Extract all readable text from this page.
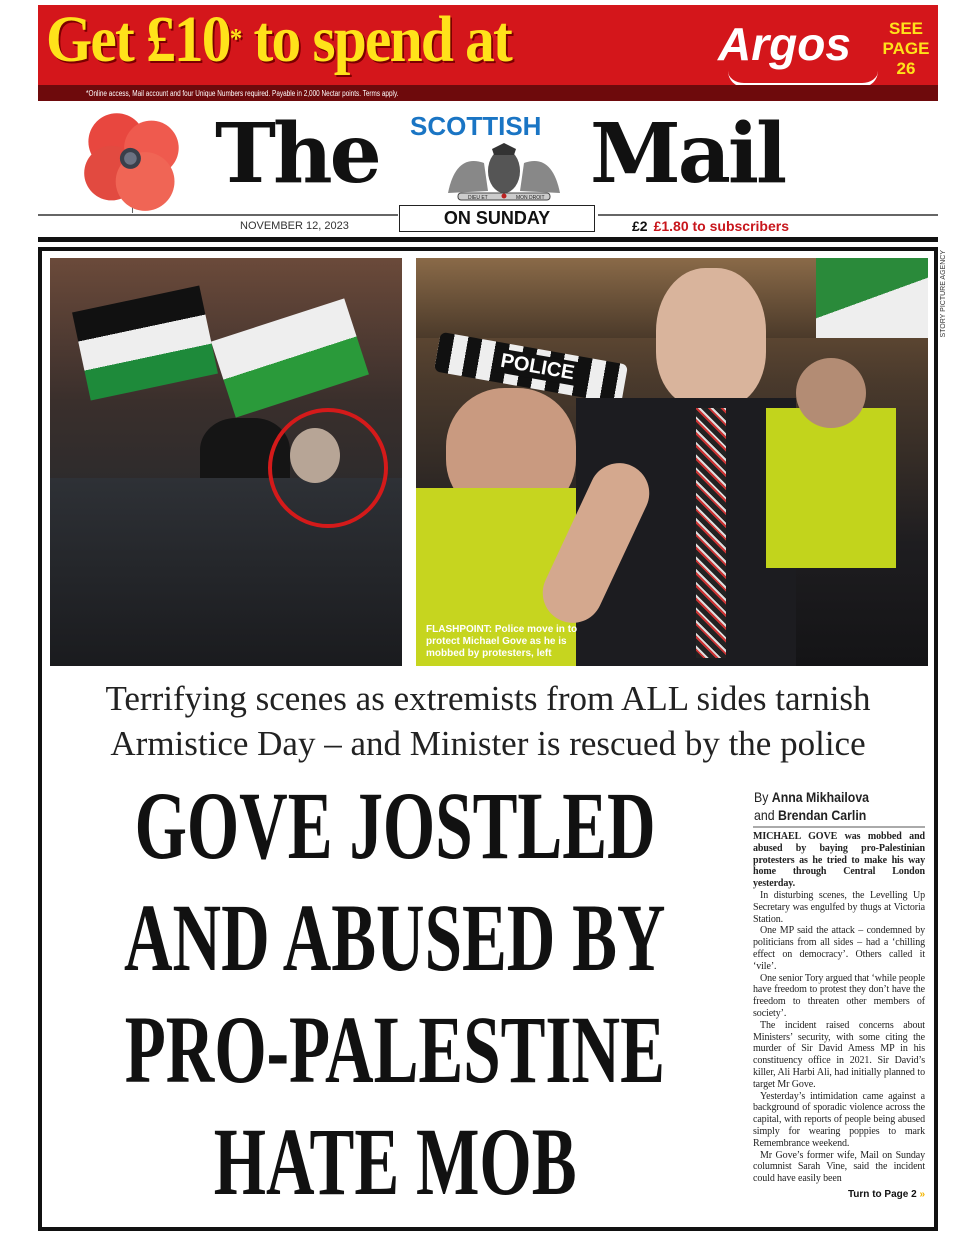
Get £10* to spend at	Argos	SEE PAGE 26
*Online access, Mail account and four Unique Numbers required. Payable in 2,000 Nectar points. Terms apply.
The SCOTTISH
DIEU ET	MON DROIT Mail
ON SUNDAY
NOVEMBER 12, 2023	£2 £1.80 to subscribers
STORY PICTURE AGENCY
POLICE
FLASHPOINT: Police move in to protect Michael Gove as he is mobbed by protesters, left
Terrifying scenes as extremists from ALL sides tarnish
Armistice Day – and Minister is rescued by the police
GOVE JOSTLED
AND ABUSED BY
PRO-PALESTINE
HATE MOB
By Anna Mikhailova
and Brendan Carlin

MICHAEL GOVE was mobbed and abused by baying pro-Palestinian protesters as he tried to make his way home through Central London yesterday.

In disturbing scenes, the Levelling Up Secretary was engulfed by thugs at Victoria Station.

One MP said the attack – condemned by politicians from all sides – had a ‘chilling effect on democracy’. Others called it ‘vile’.

One senior Tory argued that ‘while people have freedom to protest they don’t have the freedom to threaten other members of society’.

The incident raised concerns about Ministers’ security, with some citing the murder of Sir David Amess MP in his constituency office in 2021. Sir David’s killer, Ali Harbi Ali, had initially planned to target Mr Gove.

Yesterday’s intimidation came against a background of sporadic violence across the capital, with reports of people being abused simply for wearing poppies to mark Remembrance weekend.

Mr Gove’s former wife, Mail on Sunday columnist Sarah Vine, said the incident could have easily been

Turn to Page 2 »
